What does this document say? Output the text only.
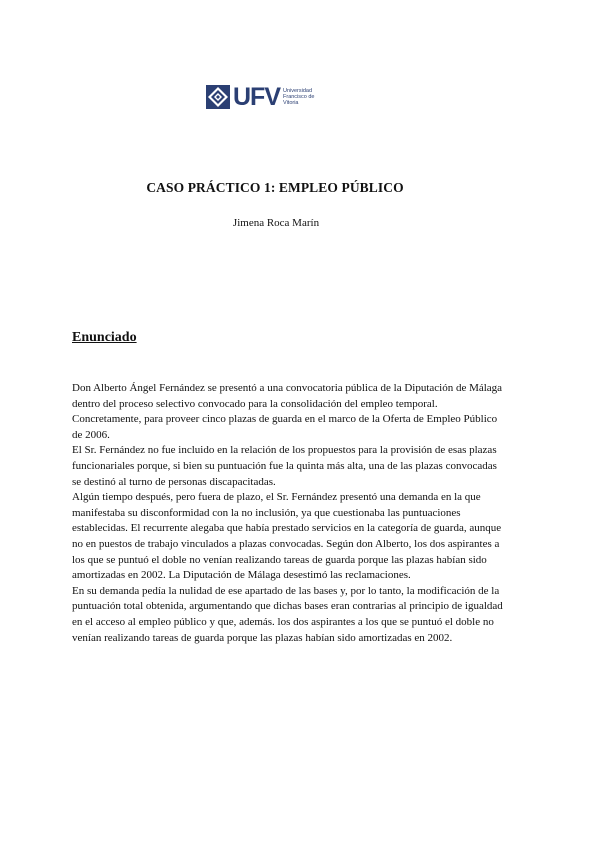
UFV Universidad
Francisco de
Vitoria
CASO PRÁCTICO 1: EMPLEO PÚBLICO
Jimena Roca Marín
Enunciado

Don Alberto Ángel Fernández se presentó a una convocatoria pública de la Diputación de Málaga dentro del proceso selectivo convocado para la consolidación del empleo temporal. Concretamente, para proveer cinco plazas de guarda en el marco de la Oferta de Empleo Público de 2006.

El Sr. Fernández no fue incluido en la relación de los propuestos para la provisión de esas plazas funcionariales porque, si bien su puntuación fue la quinta más alta, una de las plazas convocadas se destinó al turno de personas discapacitadas.

Algún tiempo después, pero fuera de plazo, el Sr. Fernández presentó una demanda en la que manifestaba su disconformidad con la no inclusión, ya que cuestionaba las puntuaciones establecidas. El recurrente alegaba que había prestado servicios en la categoría de guarda, aunque no en puestos de trabajo vinculados a plazas convocadas. Según don Alberto, los dos aspirantes a los que se puntuó el doble no venían realizando tareas de guarda porque las plazas habían sido amortizadas en 2002. La Diputación de Málaga desestimó las reclamaciones.

En su demanda pedía la nulidad de ese apartado de las bases y, por lo tanto, la modificación de la puntuación total obtenida, argumentando que dichas bases eran contrarias al principio de igualdad en el acceso al empleo público y que, además. los dos aspirantes a los que se puntuó el doble no venían realizando tareas de guarda porque las plazas habían sido amortizadas en 2002.
